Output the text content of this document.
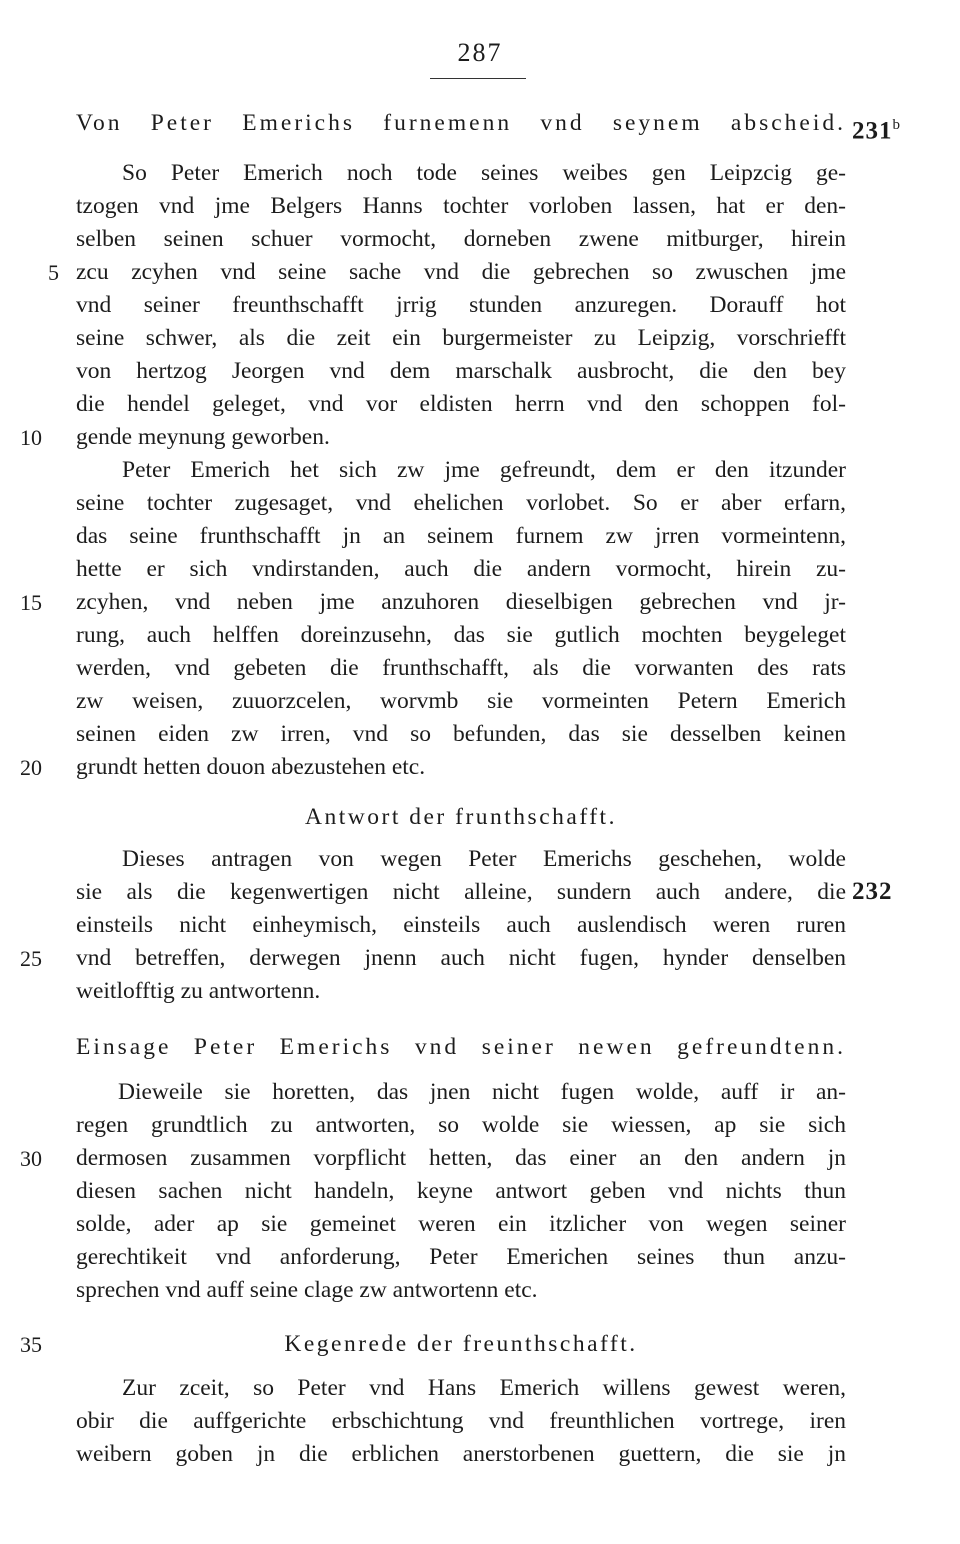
287
Von Peter Emerichs furnemenn vnd seynem abscheid. 231$^b$
So Peter Emerich noch tode seines weibes gen Leipzcig ge-
tzogen vnd jme Belgers Hanns tochter vorloben lassen, hat er den-
selben seinen schuer vormocht, dorneben zwene mitburger, hirein
5 zcu zcyhen vnd seine sache vnd die gebrechen so zwuschen jme
vnd seiner freunthschafft jrrig stunden anzuregen. Dorauff hot
seine schwer, als die zeit ein burgermeister zu Leipzig, vorschriefft
von hertzog Jeorgen vnd dem marschalk ausbrocht, die den bey
die hendel geleget, vnd vor eldisten herrn vnd den schoppen fol-
10	gende meynung geworben.
Peter Emerich het sich zw jme gefreundt, dem er den itzunder
seine tochter zugesaget, vnd ehelichen vorlobet. So er aber erfarn,
das seine frunthschafft jn an seinem furnem zw jrren vormeintenn,
hette er sich vndirstanden, auch die andern vormocht, hirein zu-
15	zcyhen, vnd neben jme anzuhoren dieselbigen gebrechen vnd jr-
rung, auch helffen doreinzusehn, das sie gutlich mochten beygeleget
werden, vnd gebeten die frunthschafft, als die vorwanten des rats
zw weisen, zuuorzcelen, worvmb sie vormeinten Petern Emerich
seinen eiden zw irren, vnd so befunden, das sie desselben keinen
20	grundt hetten douon abezustehen etc.
Antwort der frunthschafft.
Dieses antragen von wegen Peter Emerichs geschehen, wolde
sie als die kegenwertigen nicht alleine, sundern auch andere, die 232
einsteils nicht einheymisch, einsteils auch auslendisch weren ruren
25	vnd betreffen, derwegen jnenn auch nicht fugen, hynder denselben
weitlofftig zu antwortenn.
Einsage Peter Emerichs vnd seiner newen gefreundtenn.
Dieweile sie horetten, das jnen nicht fugen wolde, auff ir an-
regen grundtlich zu antworten, so wolde sie wiessen, ap sie sich
30	dermosen zusammen vorpflicht hetten, das einer an den andern jn
diesen sachen nicht handeln, keyne antwort geben vnd nichts thun
solde, ader ap sie gemeinet weren ein itzlicher von wegen seiner
gerechtikeit vnd anforderung, Peter Emerichen seines thun anzu-
sprechen vnd auff seine clage zw antwortenn etc.
35	Kegenrede der freunthschafft.
Zur zceit, so Peter vnd Hans Emerich willens gewest weren,
obir die auffgerichte erbschichtung vnd freunthlichen vortrege, iren
weibern goben jn die erblichen anerstorbenen guettern, die sie jn
